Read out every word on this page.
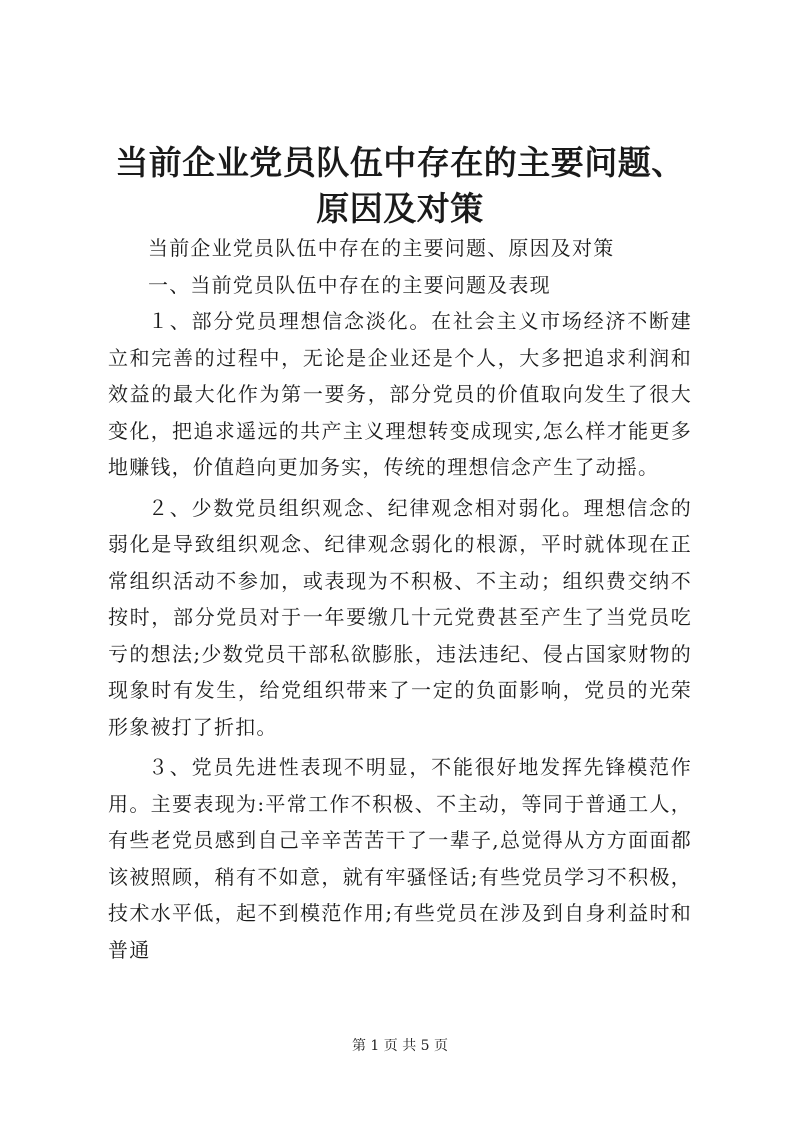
当前企业党员队伍中存在的主要问题、原因及对策

当前企业党员队伍中存在的主要问题、原因及对策

一、当前党员队伍中存在的主要问题及表现

１、部分党员理想信念淡化。在社会主义市场经济不断建立和完善的过程中，无论是企业还是个人，大多把追求利润和效益的最大化作为第一要务，部分党员的价值取向发生了很大变化，把追求遥远的共产主义理想转变成现实,怎么样才能更多地赚钱，价值趋向更加务实，传统的理想信念产生了动摇。

２、少数党员组织观念、纪律观念相对弱化。理想信念的弱化是导致组织观念、纪律观念弱化的根源，平时就体现在正常组织活动不参加，或表现为不积极、不主动；组织费交纳不按时，部分党员对于一年要缴几十元党费甚至产生了当党员吃亏的想法;少数党员干部私欲膨胀，违法违纪、侵占国家财物的现象时有发生，给党组织带来了一定的负面影响，党员的光荣形象被打了折扣。

３、党员先进性表现不明显，不能很好地发挥先锋模范作用。主要表现为:平常工作不积极、不主动，等同于普通工人，有些老党员感到自己辛辛苦苦干了一辈子,总觉得从方方面面都该被照顾，稍有不如意，就有牢骚怪话;有些党员学习不积极，技术水平低，起不到模范作用;有些党员在涉及到自身利益时和普通

第 1 页 共 5 页
